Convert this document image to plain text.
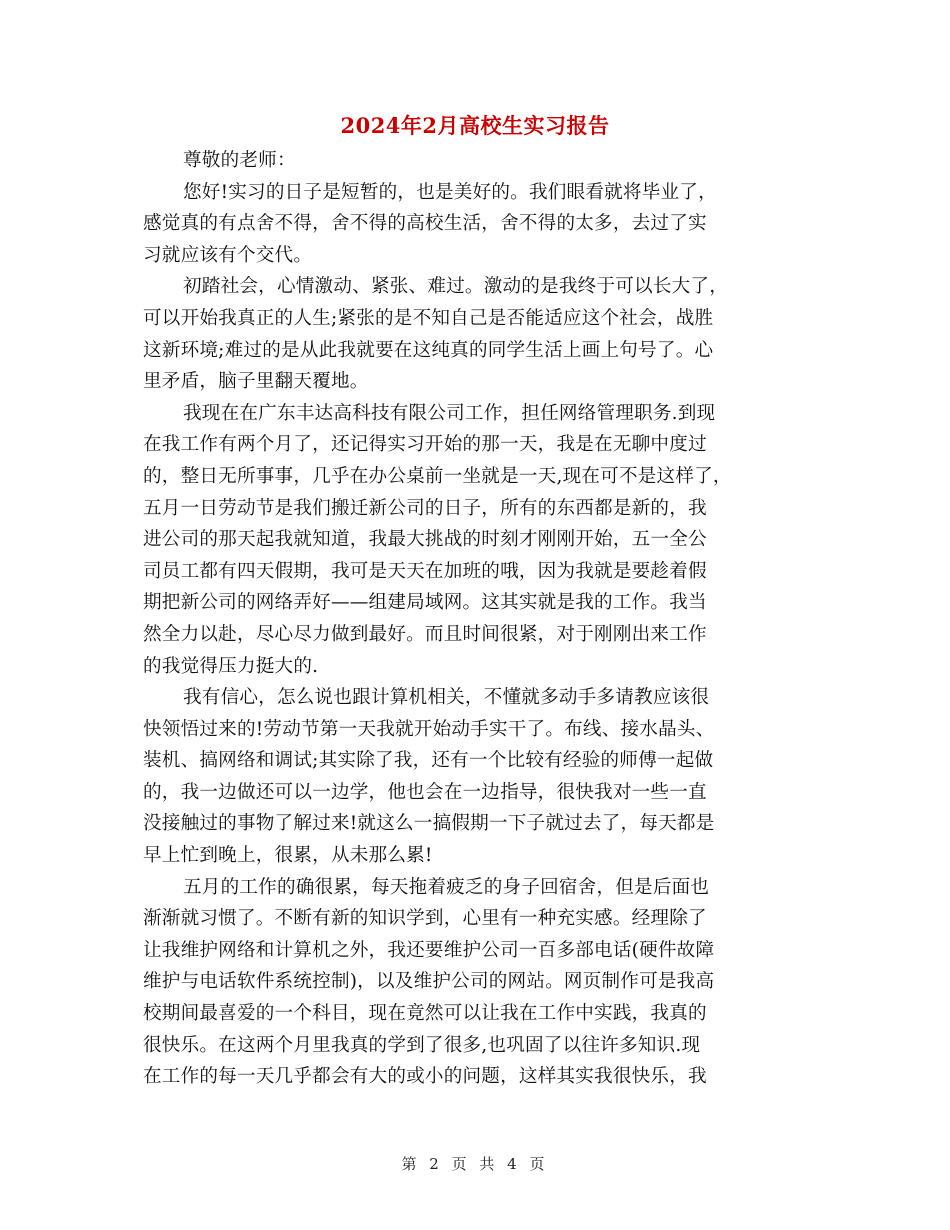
2024年2月高校生实习报告
尊敬的老师：
您好!实习的日子是短暂的，也是美好的。我们眼看就将毕业了，
感觉真的有点舍不得，舍不得的高校生活，舍不得的太多，去过了实
习就应该有个交代。
初踏社会，心情激动、紧张、难过。激动的是我终于可以长大了，
可以开始我真正的人生;紧张的是不知自己是否能适应这个社会，战胜
这新环境;难过的是从此我就要在这纯真的同学生活上画上句号了。心
里矛盾，脑子里翻天覆地。
我现在在广东丰达高科技有限公司工作，担任网络管理职务.到现
在我工作有两个月了，还记得实习开始的那一天，我是在无聊中度过
的，整日无所事事，几乎在办公桌前一坐就是一天,现在可不是这样了，
五月一日劳动节是我们搬迁新公司的日子，所有的东西都是新的，我
进公司的那天起我就知道，我最大挑战的时刻才刚刚开始，五一全公
司员工都有四天假期，我可是天天在加班的哦，因为我就是要趁着假
期把新公司的网络弄好——组建局域网。这其实就是我的工作。我当
然全力以赴，尽心尽力做到最好。而且时间很紧，对于刚刚出来工作
的我觉得压力挺大的.
我有信心，怎么说也跟计算机相关，不懂就多动手多请教应该很
快领悟过来的!劳动节第一天我就开始动手实干了。布线、接水晶头、
装机、搞网络和调试;其实除了我，还有一个比较有经验的师傅一起做
的，我一边做还可以一边学，他也会在一边指导，很快我对一些一直
没接触过的事物了解过来!就这么一搞假期一下子就过去了，每天都是
早上忙到晚上，很累，从未那么累!
五月的工作的确很累，每天拖着疲乏的身子回宿舍，但是后面也
渐渐就习惯了。不断有新的知识学到，心里有一种充实感。经理除了
让我维护网络和计算机之外，我还要维护公司一百多部电话(硬件故障
维护与电话软件系统控制)，以及维护公司的网站。网页制作可是我高
校期间最喜爱的一个科目，现在竟然可以让我在工作中实践，我真的
很快乐。在这两个月里我真的学到了很多,也巩固了以往许多知识.现
在工作的每一天几乎都会有大的或小的问题，这样其实我很快乐，我
第 2 页 共 4 页
